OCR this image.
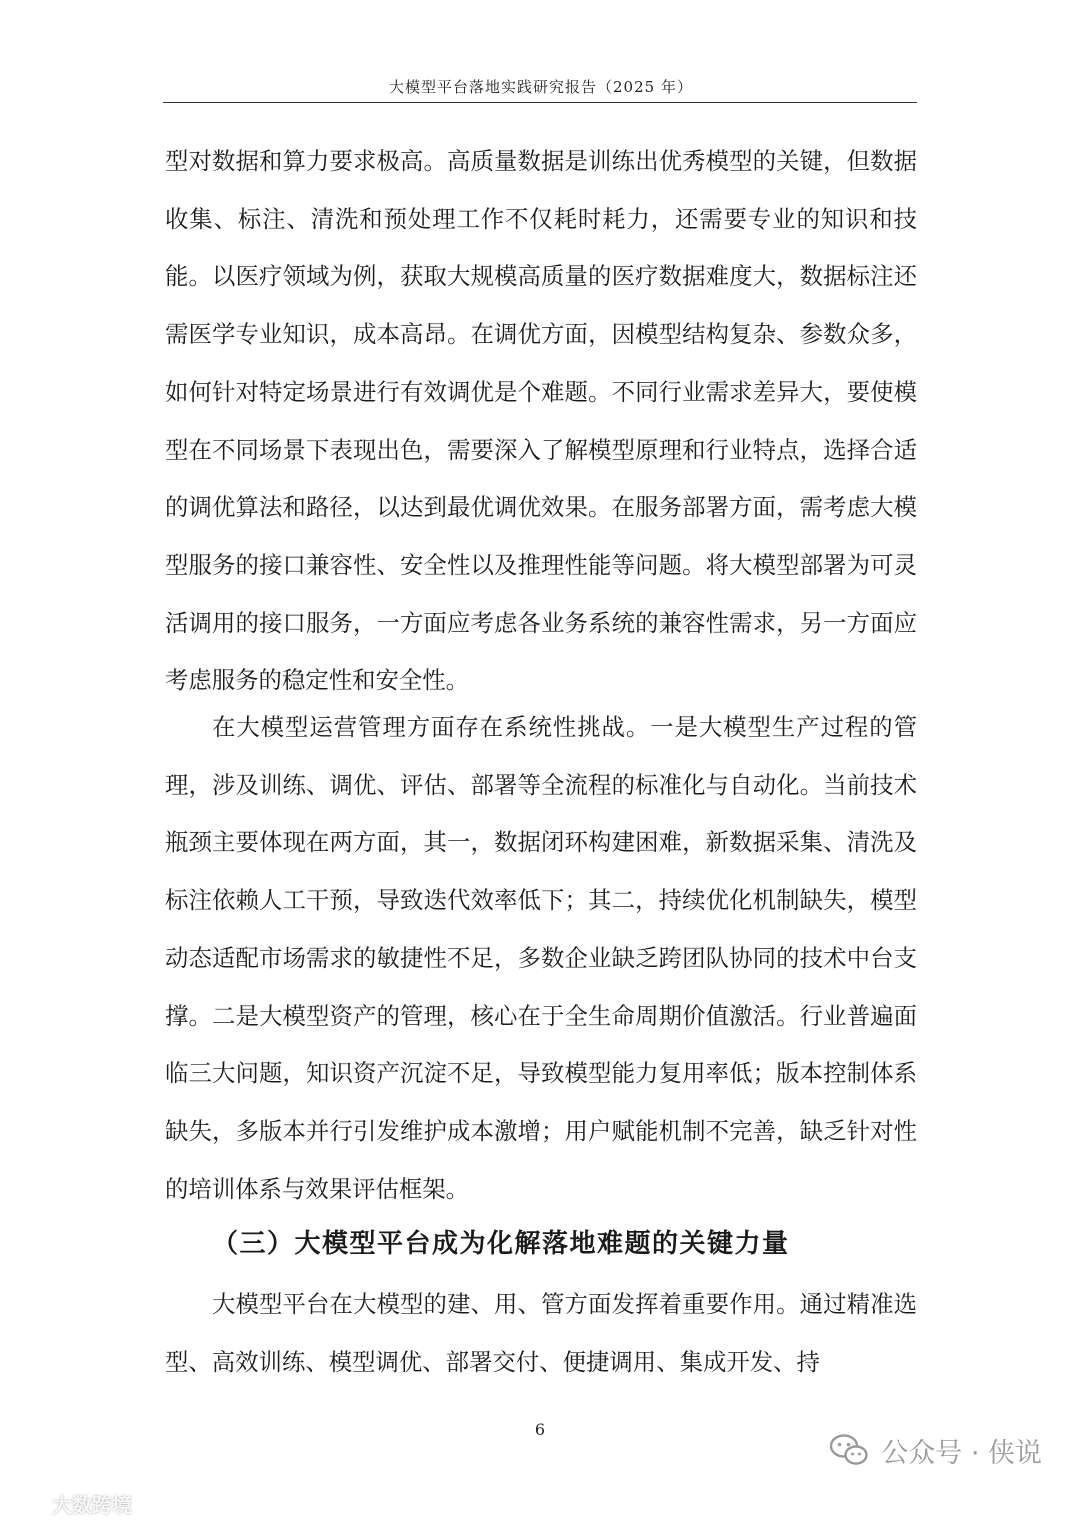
大模型平台落地实践研究报告（2025 年）

型对数据和算力要求极高。高质量数据是训练出优秀模型的关键，但数据收集、标注、清洗和预处理工作不仅耗时耗力，还需要专业的知识和技能。以医疗领域为例，获取大规模高质量的医疗数据难度大，数据标注还需医学专业知识，成本高昂。在调优方面，因模型结构复杂、参数众多，如何针对特定场景进行有效调优是个难题。不同行业需求差异大，要使模型在不同场景下表现出色，需要深入了解模型原理和行业特点，选择合适的调优算法和路径，以达到最优调优效果。在服务部署方面，需考虑大模型服务的接口兼容性、安全性以及推理性能等问题。将大模型部署为可灵活调用的接口服务，一方面应考虑各业务系统的兼容性需求，另一方面应考虑服务的稳定性和安全性。

在大模型运营管理方面存在系统性挑战。一是大模型生产过程的管理，涉及训练、调优、评估、部署等全流程的标准化与自动化。当前技术瓶颈主要体现在两方面，其一，数据闭环构建困难，新数据采集、清洗及标注依赖人工干预，导致迭代效率低下；其二，持续优化机制缺失，模型动态适配市场需求的敏捷性不足，多数企业缺乏跨团队协同的技术中台支撑。二是大模型资产的管理，核心在于全生命周期价值激活。行业普遍面临三大问题，知识资产沉淀不足，导致模型能力复用率低；版本控制体系缺失，多版本并行引发维护成本激增；用户赋能机制不完善，缺乏针对性的培训体系与效果评估框架。

（三）大模型平台成为化解落地难题的关键力量

大模型平台在大模型的建、用、管方面发挥着重要作用。通过精准选型、高效训练、模型调优、部署交付、便捷调用、集成开发、持

6
公众号 · 侠说
大数跨境
